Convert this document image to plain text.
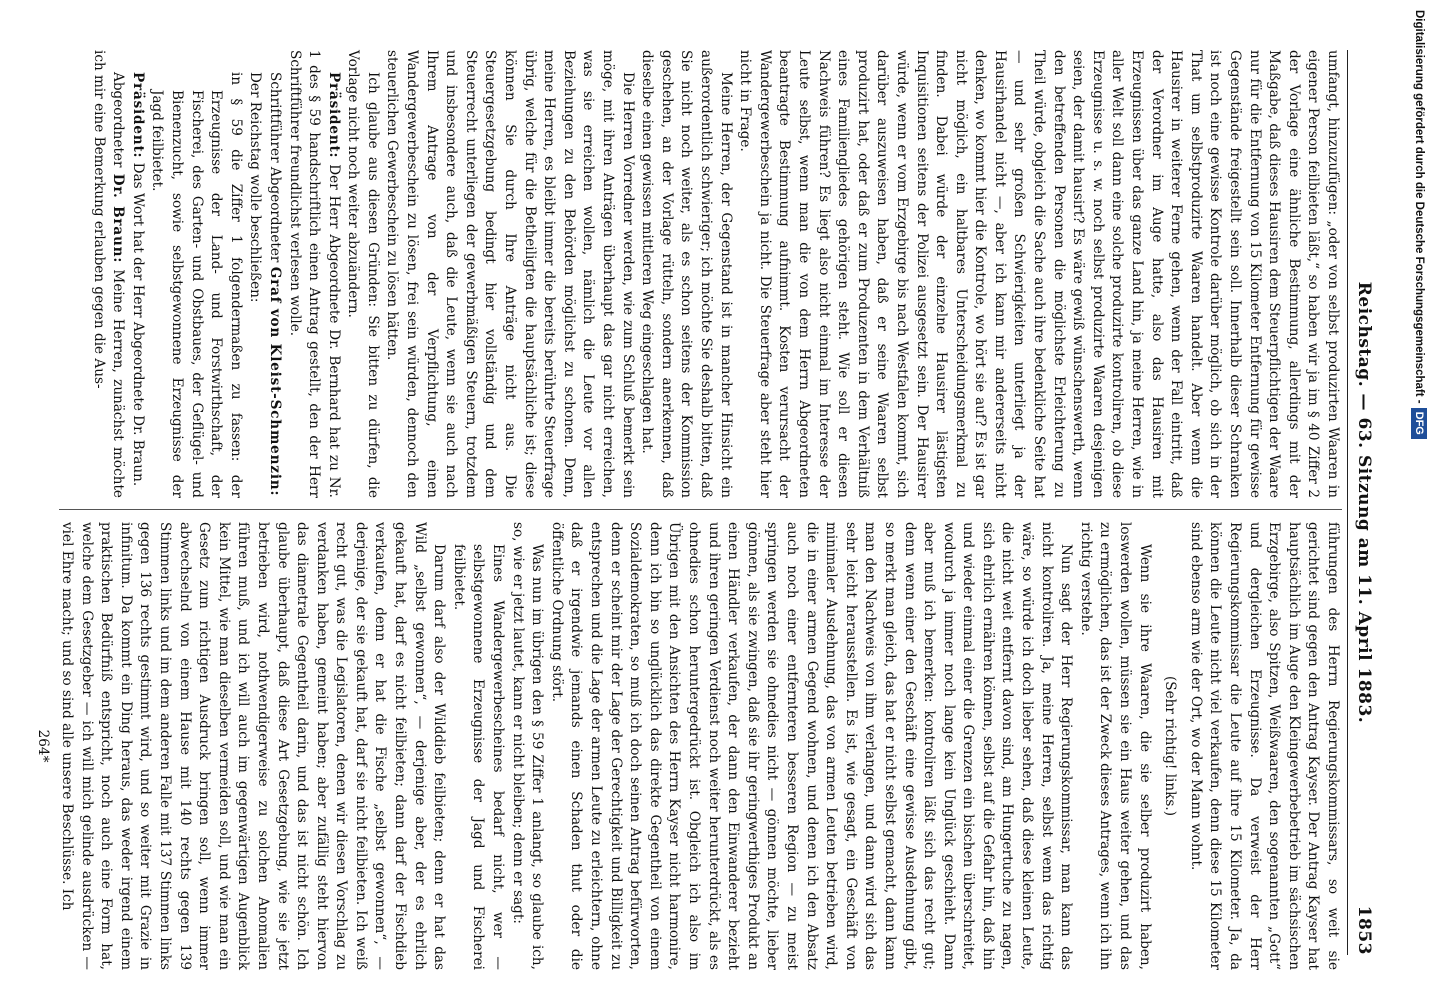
Reichstag. — 63. Sitzung am 11. April 1883.
1853

umfangt, hinzuzufügen: „oder von selbst produzirten Waaren in eigener Person feilbieten läßt,“ so haben wir ja im § 40 Ziffer 2 der Vorlage eine ähnliche Bestimmung, allerdings mit der Maßgabe, daß dieses Hausiren dem Steuerpflichtigen der Waare nur für die Entfernung von 15 Kilometer Entfernung für gewisse Gegenstände freigestellt sein soll. Innerhalb dieser Schranken ist noch eine gewisse Kontrole darüber möglich, ob sich in der That um selbstproduzirte Waaren handelt. Aber wenn die Hausirer in weiterer Ferne gehen, wenn der Fall eintritt, daß der Verordner im Auge hatte, also das Hausiren mit Erzeugnissen über das ganze Land hin, ja meine Herren, wie in aller Welt soll dann eine solche produzirte kontroliren, ob diese Erzeugnisse u. s. w. noch selbst produzirte Waaren desjenigen seien, der damit hausirt? Es wäre gewiß wünschenswerth, wenn den betreffenden Personen die möglichste Erleichterung zu Theil würde, obgleich die Sache auch ihre bedenkliche Seite hat — und sehr großen Schwierigkeiten unterliegt ja der Hausirhandel nicht —, aber ich kann mir andererseits nicht denken, wo kommt hier die Kontrole, wo hört sie auf? Es ist gar nicht möglich, ein haltbares Unterscheidungsmerkmal zu finden. Dabei würde der einzelne Hausirer lästigsten Inquisitionen seitens der Polizei ausgesetzt sein. Der Hausirer würde, wenn er vom Erzgebirge bis nach Westfalen kommt, sich darüber auszuweisen haben, daß er seine Waaren selbst produzirt hat, oder daß er zum Produzenten in dem Verhältniß eines Familiengliedes gehörigen steht. Wie soll er diesen Nachweis führen? Es liegt also nicht einmal im Interesse der Leute selbst, wenn man die von dem Herrn Abgeordneten beantragte Bestimmung aufnimmt. Kosten verursacht der Wandergewerbeschein ja nicht. Die Steuerfrage aber steht hier nicht in Frage.

Meine Herren, der Gegenstand ist in mancher Hinsicht ein außerordentlich schwieriger; ich möchte Sie deshalb bitten, daß Sie nicht noch weiter, als es schon seitens der Kommission geschehen, an der Vorlage rütteln, sondern anerkennen, daß dieselbe einen gewissen mittleren Weg eingeschlagen hat.

Die Herren Vorredner werden, wie zum Schluß bemerkt sein möge, mit ihren Anträgen überhaupt das gar nicht erreichen, was sie erreichen wollen, nämlich die Leute vor allen Beziehungen zu den Behörden möglichst zu schonen. Denn, meine Herren, es bleibt immer die bereits berührte Steuerfrage übrig, welche für die Betheiligten die hauptsächliche ist; diese können Sie durch Ihre Anträge nicht aus. Die Steuergesetzgebung bedingt hier vollständig und dem Steuerrecht unterliegen der gewerbmäßigen Steuern, trotzdem und insbesondere auch, daß die Leute, wenn sie auch nach Ihrem Antrage von der Verpflichtung, einen Wandergewerbeschein zu lösen, frei sein würden, dennoch den steuerlichen Gewerbeschein zu lösen hätten.

Ich glaube aus diesen Gründen: Sie bitten zu dürfen, die Vorlage nicht noch weiter abzuändern.

Präsident: Der Herr Abgeordnete Dr. Bernhard hat zu Nr. 1 des § 59 handschriftlich einen Antrag gestellt, den der Herr Schriftführer freundlichst verlesen wolle.

Schriftführer Abgeordneter Graf von Kleist-Schmenzin:

Der Reichstag wolle beschließen:

in § 59 die Ziffer 1 folgendermaßen zu fassen: der Erzeugnisse der Land- und Forstwirthschaft, der Fischerei, des Garten- und Obstbaues, der Geflügel- und Bienenzucht, sowie selbstgewonnene Erzeugnisse der Jagd feilbietet.

Präsident: Das Wort hat der Herr Abgeordnete Dr. Braun.

Abgeordneter Dr. Braun: Meine Herren, zunächst möchte ich mir eine Bemerkung erlauben gegen die Aus-

führungen des Herrn Regierungskommissars, so weit sie gerichtet sind gegen den Antrag Kayser. Der Antrag Kayser hat hauptsächlich im Auge den Kleingewerbebetrieb im sächsischen Erzgebirge, also Spitzen, Weißwaaren, den sogenannten „Gott“ und dergleichen Erzeugnisse. Da verweist der Herr Regierungskommissar die Leute auf ihre 15 Kilometer. Ja, da können die Leute nicht viel verkaufen, denn diese 15 Kilometer sind ebenso arm wie der Ort, wo der Mann wohnt.

(Sehr richtig! links.)

Wenn sie ihre Waaren, die sie selber produzirt haben, loswerden wollen, müssen sie ein Haus weiter gehen, und das zu ermöglichen, das ist der Zweck dieses Antrages, wenn ich ihn richtig verstehe.

Nun sagt der Herr Regierungskommissar, man kann das nicht kontroliren. Ja, meine Herren, selbst wenn das richtig wäre, so würde ich doch lieber sehen, daß diese kleinen Leute, die nicht weit entfernt davon sind, am Hungertuche zu nagen, sich ehrlich ernähren können, selbst auf die Gefahr hin, daß hin und wieder einmal einer die Grenzen ein bischen überschreitet, wodurch ja immer noch lange kein Unglück geschieht. Dann aber muß ich bemerken: kontroliren läßt sich das recht gut; denn wenn einer den Geschäft eine gewisse Ausdehnung gibt, so merkt man gleich, das hat er nicht selbst gemacht, dann kann man den Nachweis von ihm verlangen, und dann wird sich das sehr leicht herausstellen. Es ist, wie gesagt, ein Geschäft von minimaler Ausdehnung, das von armen Leuten betrieben wird, die in einer armen Gegend wohnen, und denen ich den Absatz auch noch einer entfernteren besseren Region — zu meist springen werden sie ohnedies nicht — gönnen möchte, lieber gönnen, als sie zwingen, daß sie ihr geringwerthiges Produkt an einen Händler verkaufen, der dann den Einwanderer bezieht und ihren geringen Verdienst noch weiter herunterdrückt, als es ohnedies schon heruntergedrückt ist. Obgleich ich also im Übrigen mit den Ansichten des Herrn Kayser nicht harmonire, denn ich bin so unglücklich das direkte Gegentheil von einem Sozialdemokraten, so muß ich doch seinen Antrag befürworten, denn er scheint mir der Lage der Gerechtigkeit und Billigkeit zu entsprechen und die Lage der armen Leute zu erleichtern, ohne daß er irgendwie jemands einen Schaden thut oder die öffentliche Ordnung stört.

Was nun im übrigen den § 59 Ziffer 1 anlangt, so glaube ich, so, wie er jetzt lautet, kann er nicht bleiben; denn er sagt:

Eines Wandergewerbescheines bedarf nicht, wer — selbstgewonnene Erzeugnisse der Jagd und Fischerei feilbietet.

Darum darf also der Wilddieb feilbieten; denn er hat das Wild „selbst gewonnen“, — derjenige aber, der es ehrlich gekauft hat, darf es nicht feilbieten; dann darf der Fischdieb verkaufen, denn er hat die Fische „selbst gewonnen“, — derjenige, der sie gekauft hat, darf sie nicht feilbieten. Ich weiß recht gut, was die Legislatoren, denen wir diesen Vorschlag zu verdanken haben, gemeint haben; aber zufällig steht hiervon das diametrale Gegentheil darin, und das ist nicht schön. Ich glaube überhaupt, daß diese Art Gesetzgebung, wie sie jetzt betrieben wird, nothwendigerweise zu solchen Anomalien führen muß, und ich will auch im gegenwärtigen Augenblick kein Mittel, wie man dieselben vermeiden soll, und wie man ein Gesetz zum richtigen Ausdruck bringen soll, wenn immer abwechselnd von einem Hause mit 140 rechts gegen 139 Stimmen links und im dem anderen Falle mit 137 Stimmen links gegen 136 rechts gestimmt wird, und so weiter mit Grazie in infinitum. Da kommt ein Ding heraus, das weder irgend einem praktischen Bedürfniß entspricht, noch auch eine Form hat, welche dem Gesetzgeber — ich will mich gelinde ausdrücken — viel Ehre macht; und so sind alle unsere Beschlüsse. Ich

264*

Digitalisierung gefördert durch die Deutsche Forschungsgemeinschaft -DFG
